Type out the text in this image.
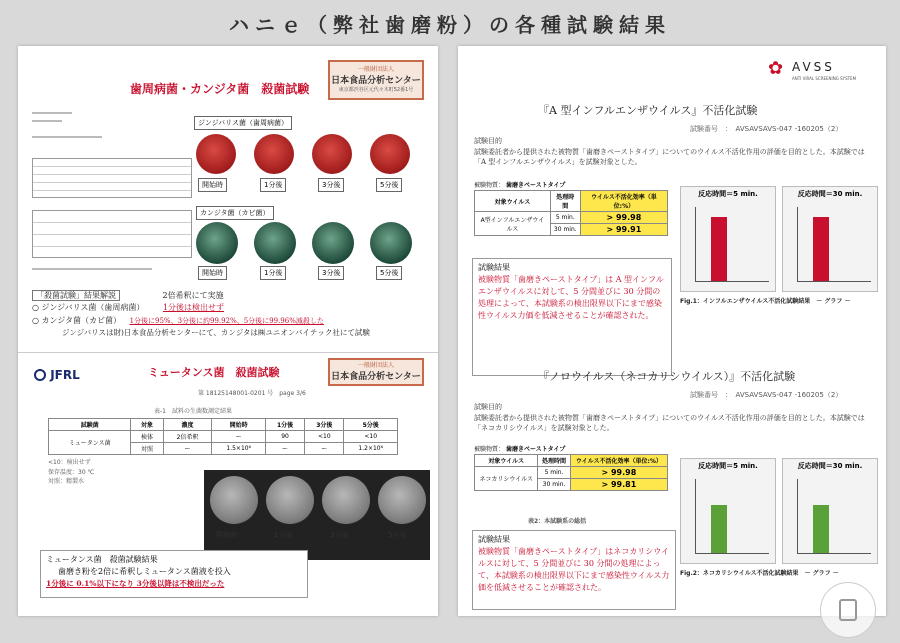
ハニｅ（弊社歯磨粉）の各種試験結果
歯周病菌・カンジタ菌　殺菌試験
一般財団法人
日本食品分析センター
東京都渋谷区元代々木町52番1号
ジンジバリス菌（歯周病菌）
開始時	1分後	3分後	5分後
カンジタ菌（カビ菌）
開始時	1分後	3分後	5分後
「殺菌試験」結果解説	2倍希釈にて実施
○ ジンジバリス菌（歯周病菌） 1分後は検出せず
○ カンジタ菌（カビ菌） 1分後に95%、3分後に約99.92%、5分後に99.96%減殺した
ジンジバリスは財)日本食品分析センターにて、カンジタは㈱ユニオンバイテック社にて試験
JFRL	ミュータンス菌　殺菌試験
一般財団法人
日本食品分析センター
第 18125148001-0201 号　page 3/6
表-1　試料の生菌数測定結果
試験菌	対象	濃度	開始時	1分後	3分後	5分後
ミュータンス菌	検体	2倍希釈	ー	90	<10	<10
	対照	ー	1.5×10⁶	ー	ー	1.2×10⁶
<10：検出せず
保存温度：30 ℃
対照：精製水
開始時	1分後	3分後	5分後
ミュータンス菌　殺菌試験結果
歯磨き粉を2倍に希釈しミュータンス菌液を投入
1分後に 0.1%以下になり 3分後以降は不検出だった
✿ AVSS
ANTI VIRAL SCREENING SYSTEM
『A 型インフルエンザウイルス』不活化試験
試験番号　：　AVSAVSAVS-047 -160205（2）
試験目的
試験委託者から提供された被物質「歯磨きペーストタイプ」についてのウイルス不活化作用の評価を目的とした。本試験では「A 型インフルエンザウイルス」を試験対象とした。
被験物質： 歯磨きペーストタイプ
対象ウイルス	処理時間	ウイルス不活化効率（単位:%）
A型インフルエンザウイルス	5 min.	> 99.98
	30 min.	> 99.91
試験結果
被験物質「歯磨きペーストタイプ」は A 型インフルエンザウイルスに対して、5 分間並びに 30 分間の処理によって、本試験系の検出限界以下にまで感染性ウイルス力価を低減させることが確認された。
反応時間＝5 min.	反応時間＝30 min.
Fig.1：インフルエンザウイルス不活化試験結果　－ グラフ －
『ノロウイルス（ネコカリシウイルス）』不活化試験
試験番号　：　AVSAVSAVS-047 -160205（2）
試験目的
試験委託者から提供された被物質「歯磨きペーストタイプ」についてのウイルス不活化作用の評価を目的とした。本試験では「ネコカリシウイルス」を試験対象とした。
被験物質： 歯磨きペーストタイプ
対象ウイルス	処理時間	ウイルス不活化効率（単位:%）
ネコカリシウイルス	5 min.	> 99.98
	30 min.	> 99.81
表2：本試験系の総括
試験結果
被験物質「歯磨きペーストタイプ」はネコカリシウイルスに対して、5 分間並びに 30 分間の処理によって、本試験系の検出限界以下にまで感染性ウイルス力価を低減させることが確認された。
反応時間＝5 min.	反応時間＝30 min.
Fig.2：ネコカリシウイルス不活化試験結果　－ グラフ －
